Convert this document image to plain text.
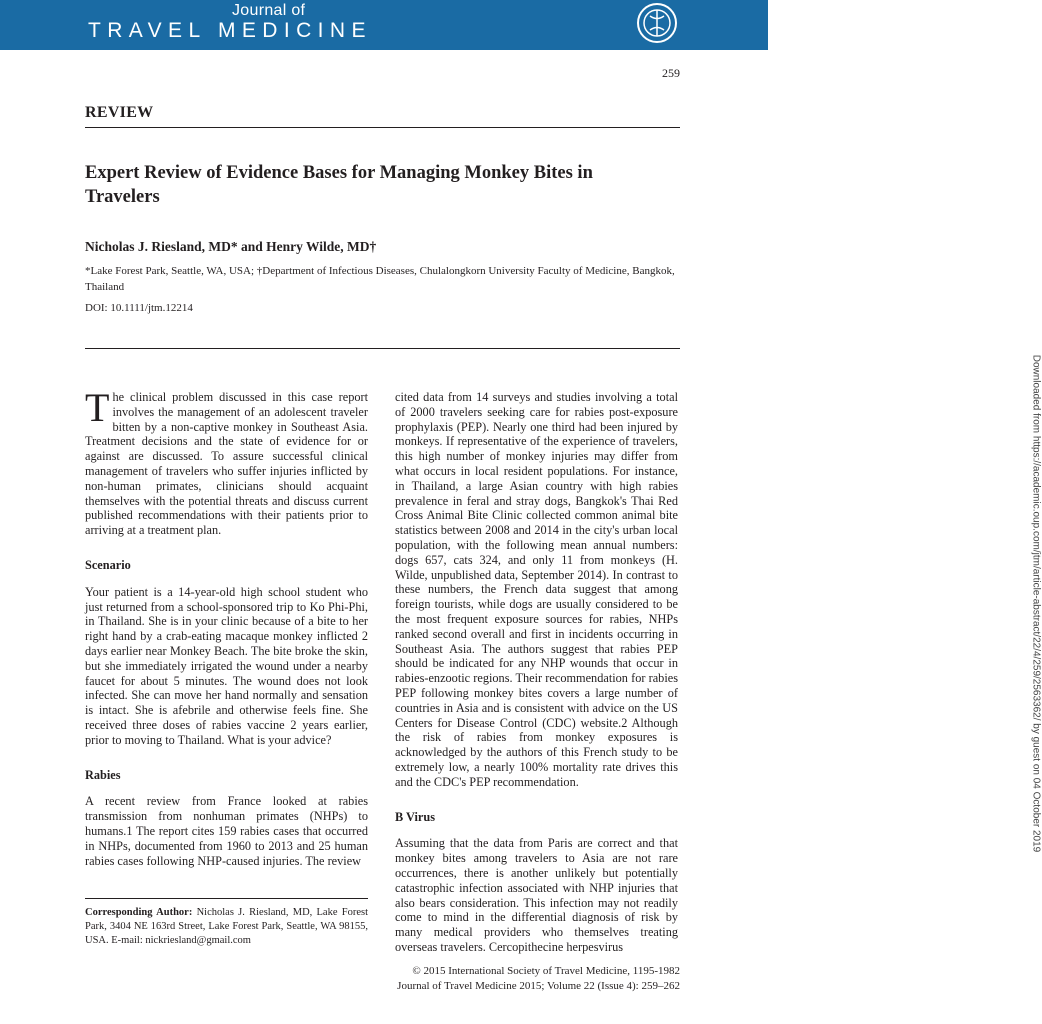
Journal of
TRAVEL MEDICINE
259
REVIEW
Expert Review of Evidence Bases for Managing Monkey Bites in Travelers
Nicholas J. Riesland, MD* and Henry Wilde, MD†
*Lake Forest Park, Seattle, WA, USA; †Department of Infectious Diseases, Chulalongkorn University Faculty of Medicine, Bangkok, Thailand
DOI: 10.1111/jtm.12214

The clinical problem discussed in this case report involves the management of an adolescent traveler bitten by a non-captive monkey in Southeast Asia. Treatment decisions and the state of evidence for or against are discussed. To assure successful clinical management of travelers who suffer injuries inflicted by non-human primates, clinicians should acquaint themselves with the potential threats and discuss current published recommendations with their patients prior to arriving at a treatment plan.

Scenario

Your patient is a 14-year-old high school student who just returned from a school-sponsored trip to Ko Phi-Phi, in Thailand. She is in your clinic because of a bite to her right hand by a crab-eating macaque monkey inflicted 2 days earlier near Monkey Beach. The bite broke the skin, but she immediately irrigated the wound under a nearby faucet for about 5 minutes. The wound does not look infected. She can move her hand normally and sensation is intact. She is afebrile and otherwise feels fine. She received three doses of rabies vaccine 2 years earlier, prior to moving to Thailand. What is your advice?

Rabies

A recent review from France looked at rabies transmission from nonhuman primates (NHPs) to humans.1 The report cites 159 rabies cases that occurred in NHPs, documented from 1960 to 2013 and 25 human rabies cases following NHP-caused injuries. The review

cited data from 14 surveys and studies involving a total of 2000 travelers seeking care for rabies post-exposure prophylaxis (PEP). Nearly one third had been injured by monkeys. If representative of the experience of travelers, this high number of monkey injuries may differ from what occurs in local resident populations. For instance, in Thailand, a large Asian country with high rabies prevalence in feral and stray dogs, Bangkok's Thai Red Cross Animal Bite Clinic collected common animal bite statistics between 2008 and 2014 in the city's urban local population, with the following mean annual numbers: dogs 657, cats 324, and only 11 from monkeys (H. Wilde, unpublished data, September 2014). In contrast to these numbers, the French data suggest that among foreign tourists, while dogs are usually considered to be the most frequent exposure sources for rabies, NHPs ranked second overall and first in incidents occurring in Southeast Asia. The authors suggest that rabies PEP should be indicated for any NHP wounds that occur in rabies-enzootic regions. Their recommendation for rabies PEP following monkey bites covers a large number of countries in Asia and is consistent with advice on the US Centers for Disease Control (CDC) website.2 Although the risk of rabies from monkey exposures is acknowledged by the authors of this French study to be extremely low, a nearly 100% mortality rate drives this and the CDC's PEP recommendation.

B Virus

Assuming that the data from Paris are correct and that monkey bites among travelers to Asia are not rare occurrences, there is another unlikely but potentially catastrophic infection associated with NHP injuries that also bears consideration. This infection may not readily come to mind in the differential diagnosis of risk by many medical providers who themselves treating overseas travelers. Cercopithecine herpesvirus

Corresponding Author: Nicholas J. Riesland, MD, Lake Forest Park, 3404 NE 163rd Street, Lake Forest Park, Seattle, WA 98155, USA. E-mail: nickriesland@gmail.com
© 2015 International Society of Travel Medicine, 1195-1982
Journal of Travel Medicine 2015; Volume 22 (Issue 4): 259–262
Downloaded from https://academic.oup.com/jtm/article-abstract/22/4/259/2563362/ by guest on 04 October 2019
